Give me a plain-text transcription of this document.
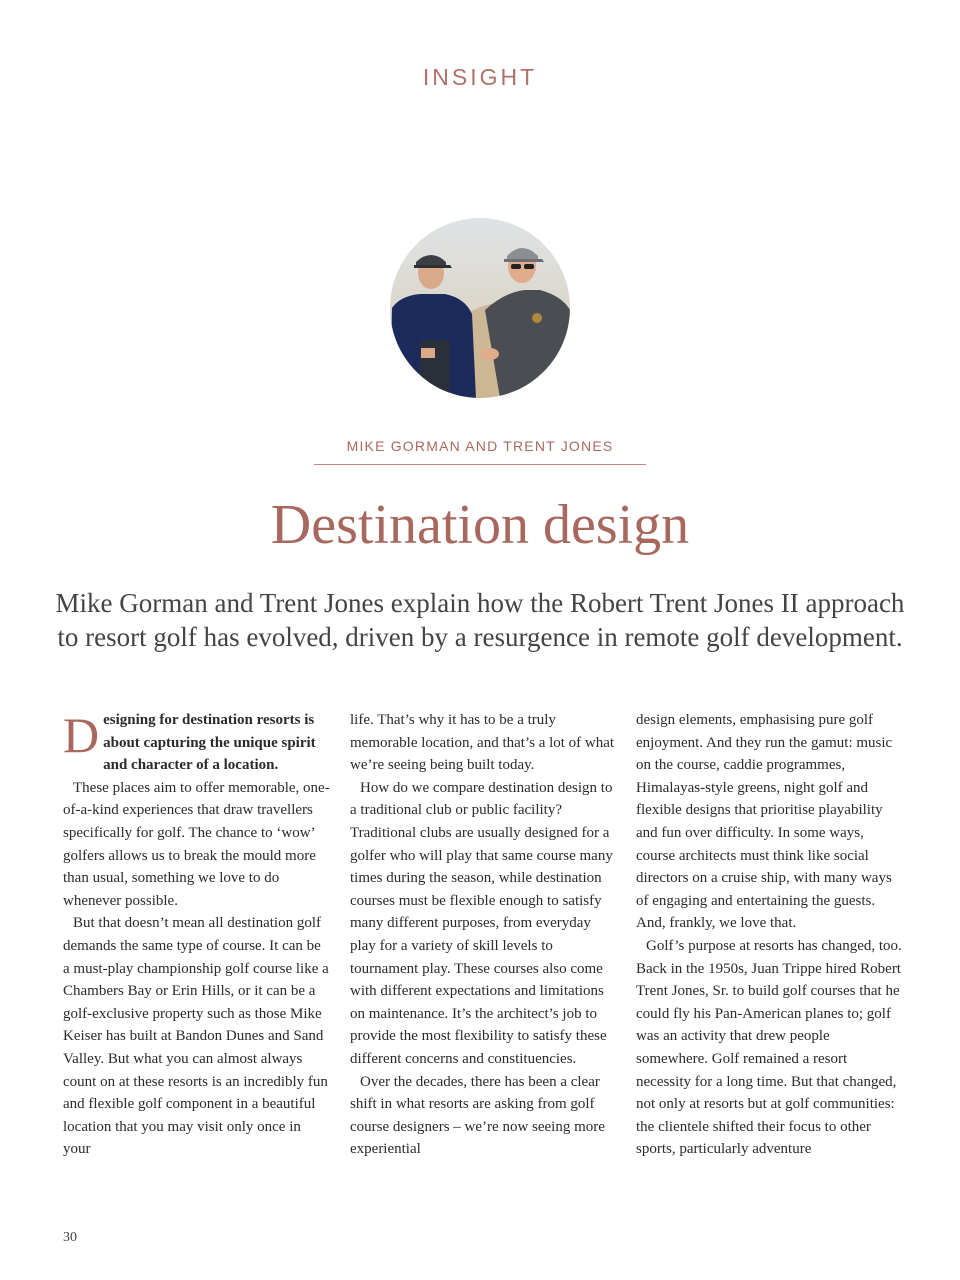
INSIGHT
MIKE GORMAN AND TRENT JONES
Destination design
Mike Gorman and Trent Jones explain how the Robert Trent Jones II approach to resort golf has evolved, driven by a resurgence in remote golf development.

Designing for destination resorts is about capturing the unique spirit and character of a location.

These places aim to offer memorable, one-of-a-kind experiences that draw travellers specifically for golf. The chance to ‘wow’ golfers allows us to break the mould more than usual, something we love to do whenever possible.

But that doesn’t mean all destination golf demands the same type of course. It can be a must-play championship golf course like a Chambers Bay or Erin Hills, or it can be a golf-exclusive property such as those Mike Keiser has built at Bandon Dunes and Sand Valley. But what you can almost always count on at these resorts is an incredibly fun and flexible golf component in a beautiful location that you may visit only once in your

life. That’s why it has to be a truly memorable location, and that’s a lot of what we’re seeing being built today.

How do we compare destination design to a traditional club or public facility? Traditional clubs are usually designed for a golfer who will play that same course many times during the season, while destination courses must be flexible enough to satisfy many different purposes, from everyday play for a variety of skill levels to tournament play. These courses also come with different expectations and limitations on maintenance. It’s the architect’s job to provide the most flexibility to satisfy these different concerns and constituencies.

Over the decades, there has been a clear shift in what resorts are asking from golf course designers – we’re now seeing more experiential

design elements, emphasising pure golf enjoyment. And they run the gamut: music on the course, caddie programmes, Himalayas-style greens, night golf and flexible designs that prioritise playability and fun over difficulty. In some ways, course architects must think like social directors on a cruise ship, with many ways of engaging and entertaining the guests. And, frankly, we love that.

Golf’s purpose at resorts has changed, too. Back in the 1950s, Juan Trippe hired Robert Trent Jones, Sr. to build golf courses that he could fly his Pan-American planes to; golf was an activity that drew people somewhere. Golf remained a resort necessity for a long time. But that changed, not only at resorts but at golf communities: the clientele shifted their focus to other sports, particularly adventure

30
